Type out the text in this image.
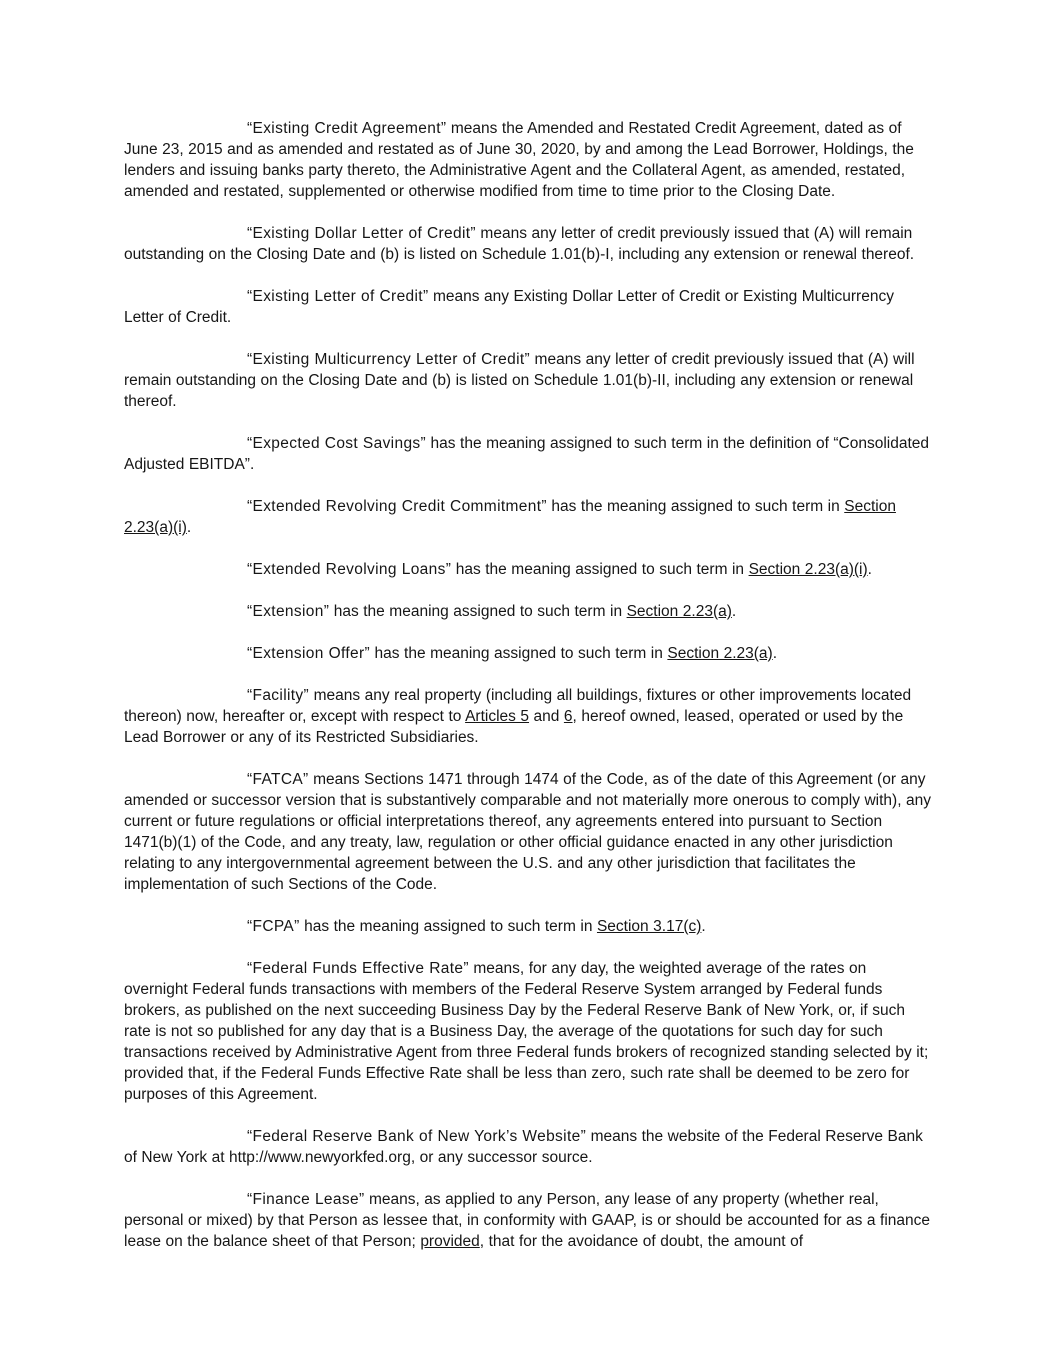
“Existing Credit Agreement” means the Amended and Restated Credit Agreement, dated as of June 23, 2015 and as amended and restated as of June 30, 2020, by and among the Lead Borrower, Holdings, the lenders and issuing banks party thereto, the Administrative Agent and the Collateral Agent, as amended, restated, amended and restated, supplemented or otherwise modified from time to time prior to the Closing Date.

“Existing Dollar Letter of Credit” means any letter of credit previously issued that (A) will remain outstanding on the Closing Date and (b) is listed on Schedule 1.01(b)-I, including any extension or renewal thereof.

“Existing Letter of Credit” means any Existing Dollar Letter of Credit or Existing Multicurrency Letter of Credit.

“Existing Multicurrency Letter of Credit” means any letter of credit previously issued that (A) will remain outstanding on the Closing Date and (b) is listed on Schedule 1.01(b)-II, including any extension or renewal thereof.

“Expected Cost Savings” has the meaning assigned to such term in the definition of “Consolidated Adjusted EBITDA”.

“Extended Revolving Credit Commitment” has the meaning assigned to such term in Section 2.23(a)(i).

“Extended Revolving Loans” has the meaning assigned to such term in Section 2.23(a)(i).

“Extension” has the meaning assigned to such term in Section 2.23(a).

“Extension Offer” has the meaning assigned to such term in Section 2.23(a).

“Facility” means any real property (including all buildings, fixtures or other improvements located thereon) now, hereafter or, except with respect to Articles 5 and 6, hereof owned, leased, operated or used by the Lead Borrower or any of its Restricted Subsidiaries.

“FATCA” means Sections 1471 through 1474 of the Code, as of the date of this Agreement (or any amended or successor version that is substantively comparable and not materially more onerous to comply with), any current or future regulations or official interpretations thereof, any agreements entered into pursuant to Section 1471(b)(1) of the Code, and any treaty, law, regulation or other official guidance enacted in any other jurisdiction relating to any intergovernmental agreement between the U.S. and any other jurisdiction that facilitates the implementation of such Sections of the Code.

“FCPA” has the meaning assigned to such term in Section 3.17(c).

“Federal Funds Effective Rate” means, for any day, the weighted average of the rates on overnight Federal funds transactions with members of the Federal Reserve System arranged by Federal funds brokers, as published on the next succeeding Business Day by the Federal Reserve Bank of New York, or, if such rate is not so published for any day that is a Business Day, the average of the quotations for such day for such transactions received by Administrative Agent from three Federal funds brokers of recognized standing selected by it; provided that, if the Federal Funds Effective Rate shall be less than zero, such rate shall be deemed to be zero for purposes of this Agreement.

“Federal Reserve Bank of New York’s Website” means the website of the Federal Reserve Bank of New York at http://www.newyorkfed.org, or any successor source.

“Finance Lease” means, as applied to any Person, any lease of any property (whether real, personal or mixed) by that Person as lessee that, in conformity with GAAP, is or should be accounted for as a finance lease on the balance sheet of that Person; provided, that for the avoidance of doubt, the amount of
